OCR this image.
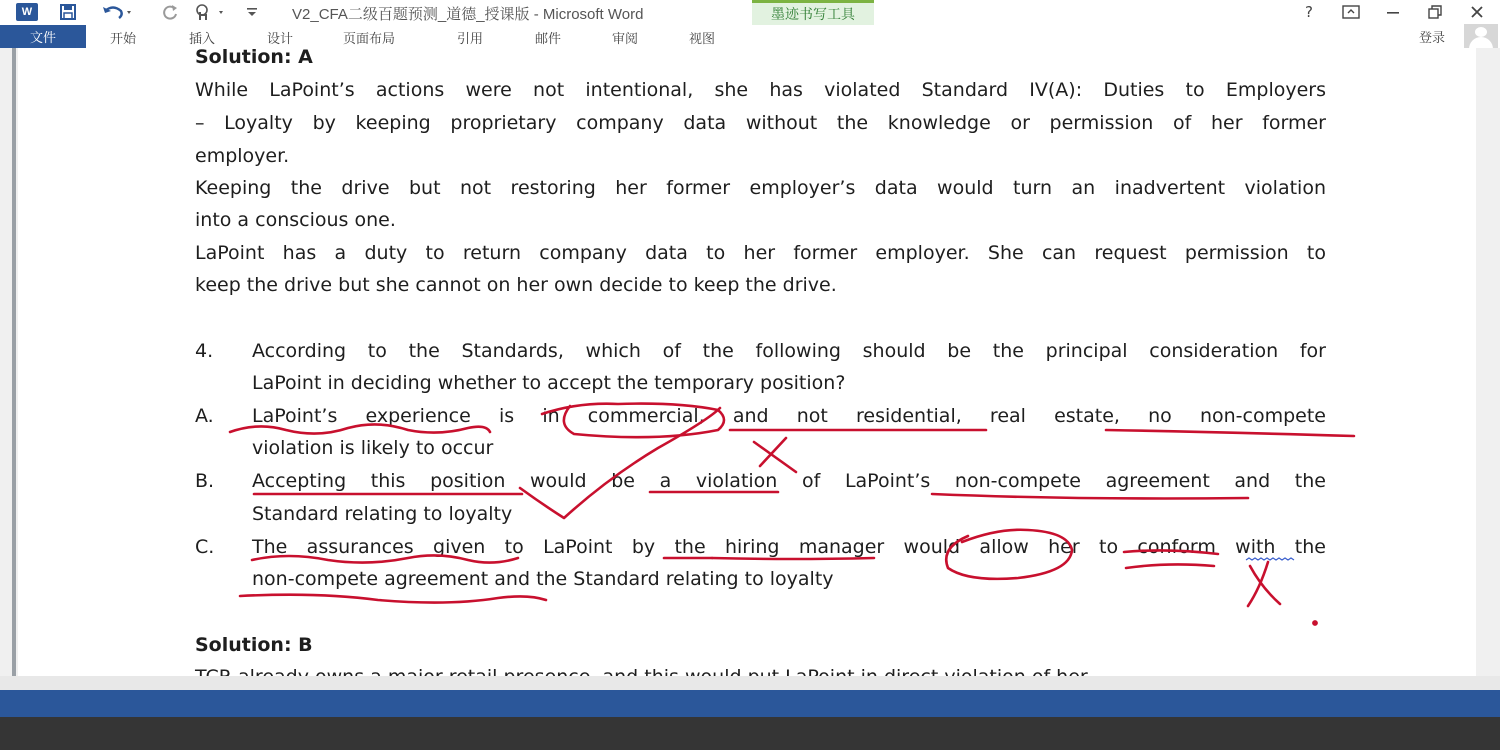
W	V2_CFA二级百题预测_道德_授课版 - Microsoft Word	墨迹书写工具	?
文件	开始	插入	设计	页面布局	引用	邮件	审阅	视图	登录
Solution: A
While LaPoint’s actions were not intentional, she has violated Standard IV(A): Duties to Employers
– Loyalty by keeping proprietary company data without the knowledge or permission of her former
employer.
Keeping the drive but not restoring her former employer’s data would turn an inadvertent violation
into a conscious one.
LaPoint has a duty to return company data to her former employer. She can request permission to
keep the drive but she cannot on her own decide to keep the drive.
4. According to the Standards, which of the following should be the principal consideration for
LaPoint in deciding whether to accept the temporary position?
A. LaPoint’s experience is in commercial, and not residential, real estate, no non-compete
violation is likely to occur
B. Accepting this position would be a violation of LaPoint’s non-compete agreement and the
Standard relating to loyalty
C. The assurances given to LaPoint by the hiring manager would allow her to conform with the
non-compete agreement and the Standard relating to loyalty
Solution: B
